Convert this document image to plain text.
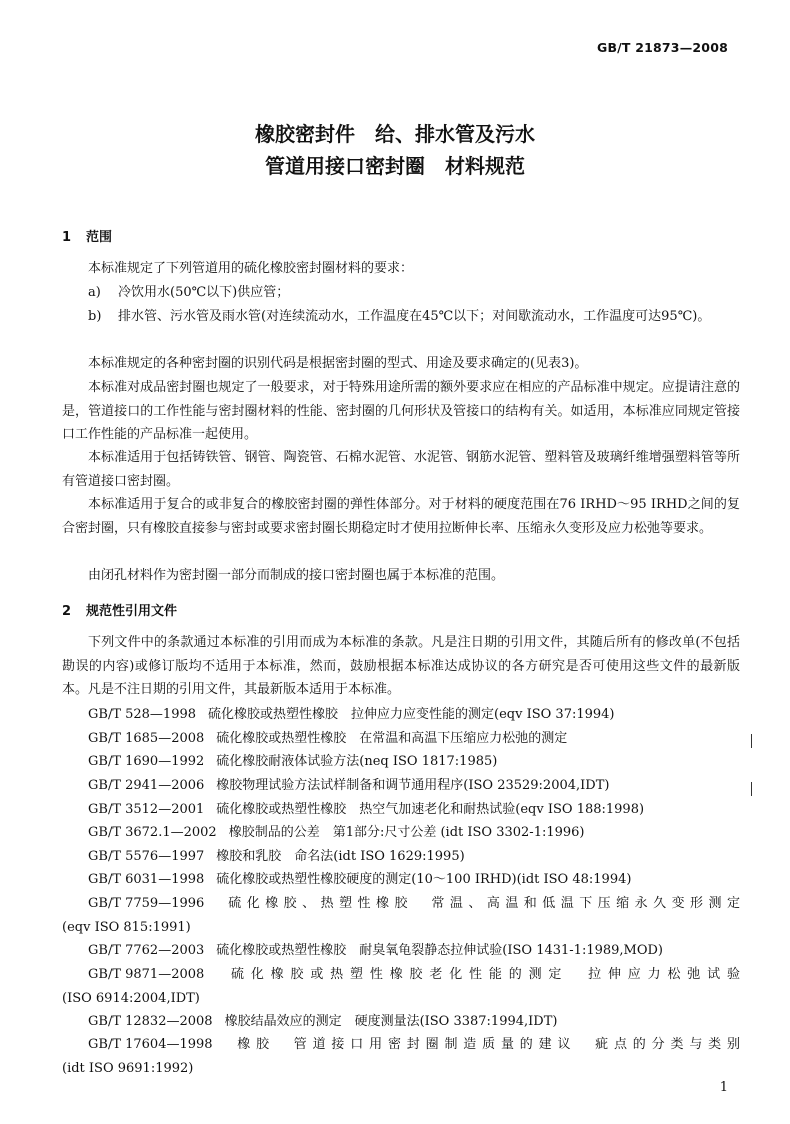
GB/T 21873—2008
橡胶密封件　给、排水管及污水
管道用接口密封圈　材料规范
1 范围

本标准规定了下列管道用的硫化橡胶密封圈材料的要求：

a) 冷饮用水(50℃以下)供应管；
b) 排水管、污水管及雨水管(对连续流动水，工作温度在45℃以下；对间歇流动水，工作温度可达95℃)。

本标准规定的各种密封圈的识别代码是根据密封圈的型式、用途及要求确定的(见表3)。

本标准对成品密封圈也规定了一般要求，对于特殊用途所需的额外要求应在相应的产品标准中规定。应提请注意的是，管道接口的工作性能与密封圈材料的性能、密封圈的几何形状及管接口的结构有关。如适用，本标准应同规定管接口工作性能的产品标准一起使用。

本标准适用于包括铸铁管、钢管、陶瓷管、石棉水泥管、水泥管、钢筋水泥管、塑料管及玻璃纤维增强塑料管等所有管道接口密封圈。

本标准适用于复合的或非复合的橡胶密封圈的弹性体部分。对于材料的硬度范围在76 IRHD～95 IRHD之间的复合密封圈，只有橡胶直接参与密封或要求密封圈长期稳定时才使用拉断伸长率、压缩永久变形及应力松弛等要求。

由闭孔材料作为密封圈一部分而制成的接口密封圈也属于本标准的范围。

2 规范性引用文件

下列文件中的条款通过本标准的引用而成为本标准的条款。凡是注日期的引用文件，其随后所有的修改单(不包括勘误的内容)或修订版均不适用于本标准，然而，鼓励根据本标准达成协议的各方研究是否可使用这些文件的最新版本。凡是不注日期的引用文件，其最新版本适用于本标准。

GB/T 528—1998 硫化橡胶或热塑性橡胶　拉伸应力应变性能的测定(eqv ISO 37:1994)
GB/T 1685—2008 硫化橡胶或热塑性橡胶　在常温和高温下压缩应力松弛的测定
GB/T 1690—1992 硫化橡胶耐液体试验方法(neq ISO 1817:1985)
GB/T 2941—2006 橡胶物理试验方法试样制备和调节通用程序(ISO 23529:2004,IDT)
GB/T 3512—2001 硫化橡胶或热塑性橡胶　热空气加速老化和耐热试验(eqv ISO 188:1998)
GB/T 3672.1—2002 橡胶制品的公差　第1部分:尺寸公差 (idt ISO 3302-1:1996)
GB/T 5576—1997 橡胶和乳胶　命名法(idt ISO 1629:1995)
GB/T 6031—1998 硫化橡胶或热塑性橡胶硬度的测定(10～100 IRHD)(idt ISO 48:1994)
GB/T 7759—1996　 硫化橡胶、热塑性橡胶　常温、高温和低温下压缩永久变形测定
(eqv ISO 815:1991)
GB/T 7762—2003 硫化橡胶或热塑性橡胶　耐臭氧龟裂静态拉伸试验(ISO 1431-1:1989,MOD)
GB/T 9871—2008　 硫化橡胶或热塑性橡胶老化性能的测定　拉伸应力松弛试验
(ISO 6914:2004,IDT)
GB/T 12832—2008 橡胶结晶效应的测定　硬度测量法(ISO 3387:1994,IDT)
GB/T 17604—1998　 橡胶　管道接口用密封圈制造质量的建议　疵点的分类与类别
(idt ISO 9691:1992)
1
